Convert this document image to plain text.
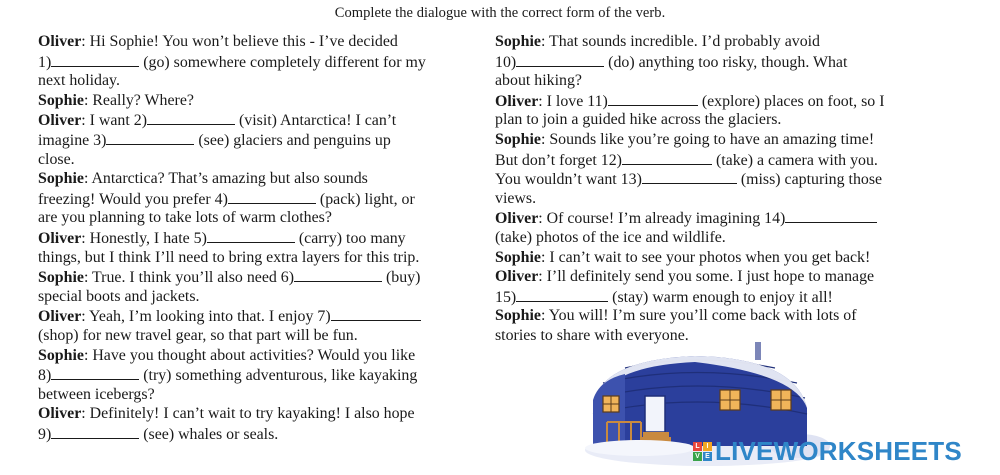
Complete the dialogue with the correct form of the verb.
Oliver: Hi Sophie! You won’t believe this - I’ve decided
1)	(go) somewhere completely different for my
next holiday.
Sophie: Really? Where?
Oliver: I want 2)	(visit) Antarctica! I can’t
imagine 3)	(see) glaciers and penguins up
close.
Sophie: Antarctica? That’s amazing but also sounds
freezing! Would you prefer 4)	(pack) light, or
are you planning to take lots of warm clothes?
Oliver: Honestly, I hate 5)	(carry) too many
things, but I think I’ll need to bring extra layers for this trip.
Sophie: True. I think you’ll also need 6)	(buy)
special boots and jackets.
Oliver: Yeah, I’m looking into that. I enjoy 7)
(shop) for new travel gear, so that part will be fun.
Sophie: Have you thought about activities? Would you like
8)	(try) something adventurous, like kayaking
between icebergs?
Oliver: Definitely! I can’t wait to try kayaking! I also hope
9)	(see) whales or seals.
Sophie: That sounds incredible. I’d probably avoid
10)	(do) anything too risky, though. What
about hiking?
Oliver: I love 11)	(explore) places on foot, so I
plan to join a guided hike across the glaciers.
Sophie: Sounds like you’re going to have an amazing time!
But don’t forget 12)	(take) a camera with you.
You wouldn’t want 13)	(miss) capturing those
views.
Oliver: Of course! I’m already imagining 14)
(take) photos of the ice and wildlife.
Sophie: I can’t wait to see your photos when you get back!
Oliver: I’ll definitely send you some. I just hope to manage
15)	(stay) warm enough to enjoy it all!
Sophie: You will! I’m sure you’ll come back with lots of
stories to share with everyone.
L I
V E LIVEWORKSHEETS
